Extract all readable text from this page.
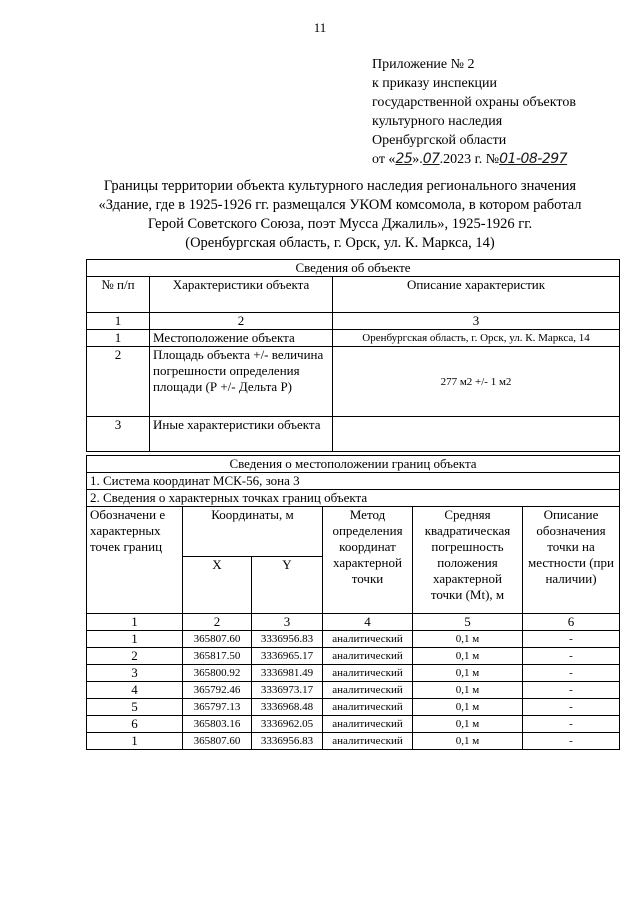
11
Приложение № 2
к приказу инспекции
государственной охраны объектов
культурного наследия
Оренбургской области
от «25».07.2023 г. №01-08-297
Границы территории объекта культурного наследия регионального значения
«Здание, где в 1925-1926 гг. размещался УКОМ комсомола, в котором работал
Герой Советского Союза, поэт Мусса Джалиль», 1925-1926 гг.
(Оренбургская область, г. Орск, ул. К. Маркса, 14)
Сведения об объекте		
№ п/п	Характеристики объекта	Описание характеристик
1	2	3
1	Местоположение объекта	Оренбургская область, г. Орск, ул. К. Маркса, 14
2	Площадь объекта +/- величина погрешности определения площади (Р +/- Дельта Р)	277 м2 +/- 1 м2
3	Иные характеристики объекта	
Сведения о местоположении границ объекта
1. Система координат МСК-56, зона 3
2. Сведения о характерных точках границ объекта
Обозначени е характерных точек границ	Координаты, м		Метод определения координат характерной точки	Средняя квадратическая погрешность положения характерной точки (Mt), м	Описание обозначения точки на местности (при наличии)
	X	Y			
1	2	3	4	5	6
1	365807.60	3336956.83	аналитический	0,1 м	-
2	365817.50	3336965.17	аналитический	0,1 м	-
3	365800.92	3336981.49	аналитический	0,1 м	-
4	365792.46	3336973.17	аналитический	0,1 м	-
5	365797.13	3336968.48	аналитический	0,1 м	-
6	365803.16	3336962.05	аналитический	0,1 м	-
1	365807.60	3336956.83	аналитический	0,1 м	-
